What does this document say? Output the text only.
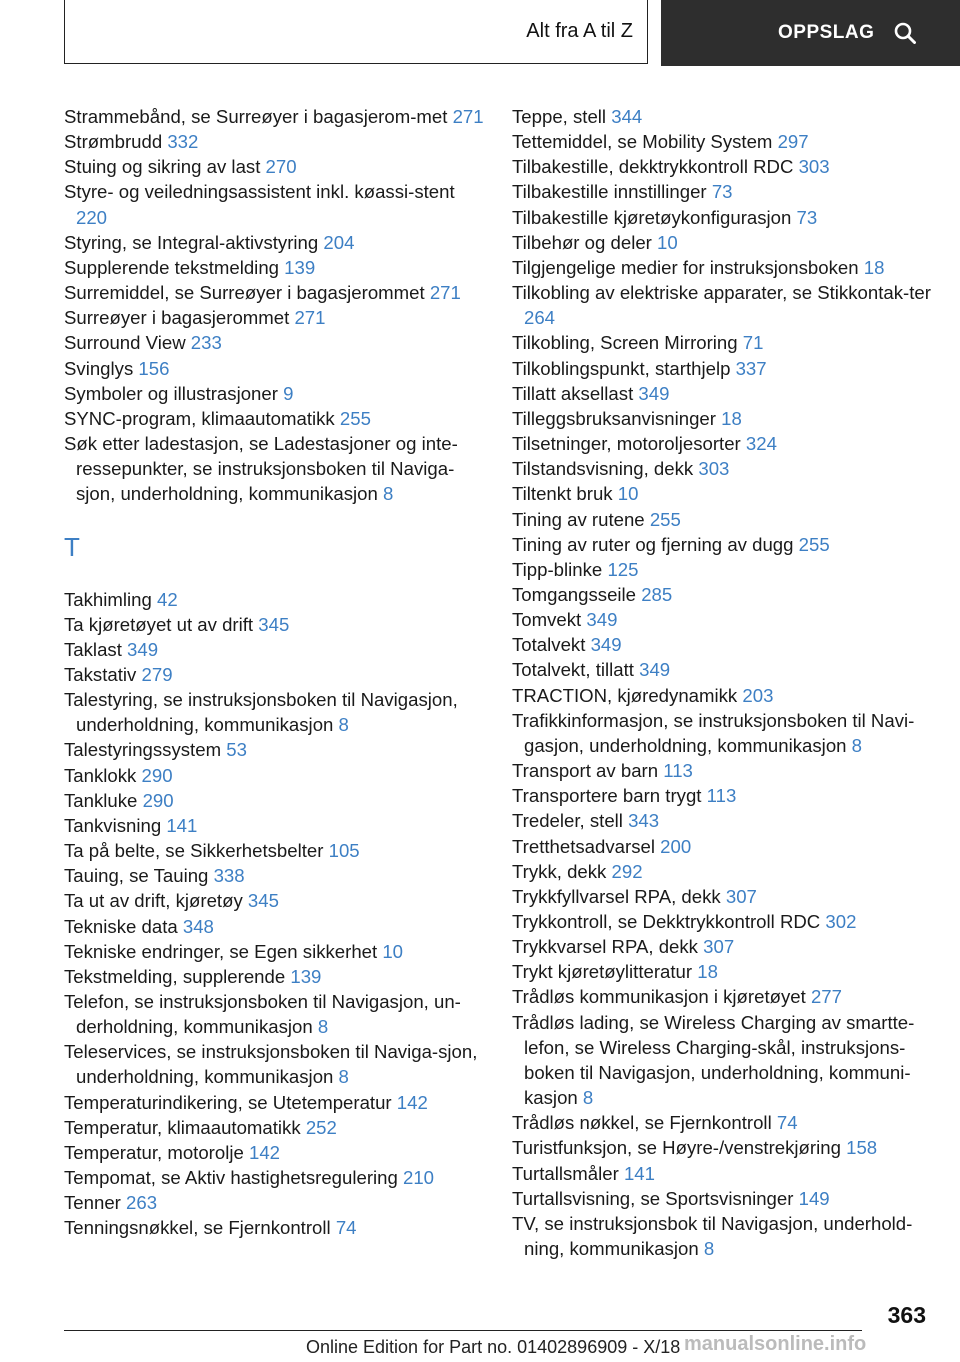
Alt fra A til Z	OPPSLAG

Strammebånd, se Surreøyer i bagasjerom-met 271

Strømbrudd 332

Stuing og sikring av last 270

Styre- og veiledningsassistent inkl. køassi-stent 220

Styring, se Integral-aktivstyring 204

Supplerende tekstmelding 139

Surremiddel, se Surreøyer i bagasjerommet 271

Surreøyer i bagasjerommet 271

Surround View 233

Svinglys 156

Symboler og illustrasjoner 9

SYNC-program, klimaautomatikk 255

Søk etter ladestasjon, se Ladestasjoner og inte-ressepunkter, se instruksjonsboken til Naviga-sjon, underholdning, kommunikasjon 8

T

Takhimling 42

Ta kjøretøyet ut av drift 345

Taklast 349

Takstativ 279

Talestyring, se instruksjonsboken til Navigasjon, underholdning, kommunikasjon 8

Talestyringssystem 53

Tanklokk 290

Tankluke 290

Tankvisning 141

Ta på belte, se Sikkerhetsbelter 105

Tauing, se Tauing 338

Ta ut av drift, kjøretøy 345

Tekniske data 348

Tekniske endringer, se Egen sikkerhet 10

Tekstmelding, supplerende 139

Telefon, se instruksjonsboken til Navigasjon, un-derholdning, kommunikasjon 8

Teleservices, se instruksjonsboken til Naviga-sjon, underholdning, kommunikasjon 8

Temperaturindikering, se Utetemperatur 142

Temperatur, klimaautomatikk 252

Temperatur, motorolje 142

Tempomat, se Aktiv hastighetsregulering 210

Tenner 263

Tenningsnøkkel, se Fjernkontroll 74

Teppe, stell 344

Tettemiddel, se Mobility System 297

Tilbakestille, dekktrykkontroll RDC 303

Tilbakestille innstillinger 73

Tilbakestille kjøretøykonfigurasjon 73

Tilbehør og deler 10

Tilgjengelige medier for instruksjonsboken 18

Tilkobling av elektriske apparater, se Stikkontak-ter 264

Tilkobling, Screen Mirroring 71

Tilkoblingspunkt, starthjelp 337

Tillatt aksellast 349

Tilleggsbruksanvisninger 18

Tilsetninger, motoroljesorter 324

Tilstandsvisning, dekk 303

Tiltenkt bruk 10

Tining av rutene 255

Tining av ruter og fjerning av dugg 255

Tipp-blinke 125

Tomgangsseile 285

Tomvekt 349

Totalvekt 349

Totalvekt, tillatt 349

TRACTION, kjøredynamikk 203

Trafikkinformasjon, se instruksjonsboken til Navi-gasjon, underholdning, kommunikasjon 8

Transport av barn 113

Transportere barn trygt 113

Tredeler, stell 343

Tretthetsadvarsel 200

Trykk, dekk 292

Trykkfyllvarsel RPA, dekk 307

Trykkontroll, se Dekktrykkontroll RDC 302

Trykkvarsel RPA, dekk 307

Trykt kjøretøylitteratur 18

Trådløs kommunikasjon i kjøretøyet 277

Trådløs lading, se Wireless Charging av smartte-lefon, se Wireless Charging-skål, instruksjons-boken til Navigasjon, underholdning, kommuni-kasjon 8

Trådløs nøkkel, se Fjernkontroll 74

Turistfunksjon, se Høyre-/venstrekjøring 158

Turtallsmåler 141

Turtallsvisning, se Sportsvisninger 149

TV, se instruksjonsbok til Navigasjon, underhold-ning, kommunikasjon 8

363
Online Edition for Part no. 01402896909 - X/18 manualsonline.info
